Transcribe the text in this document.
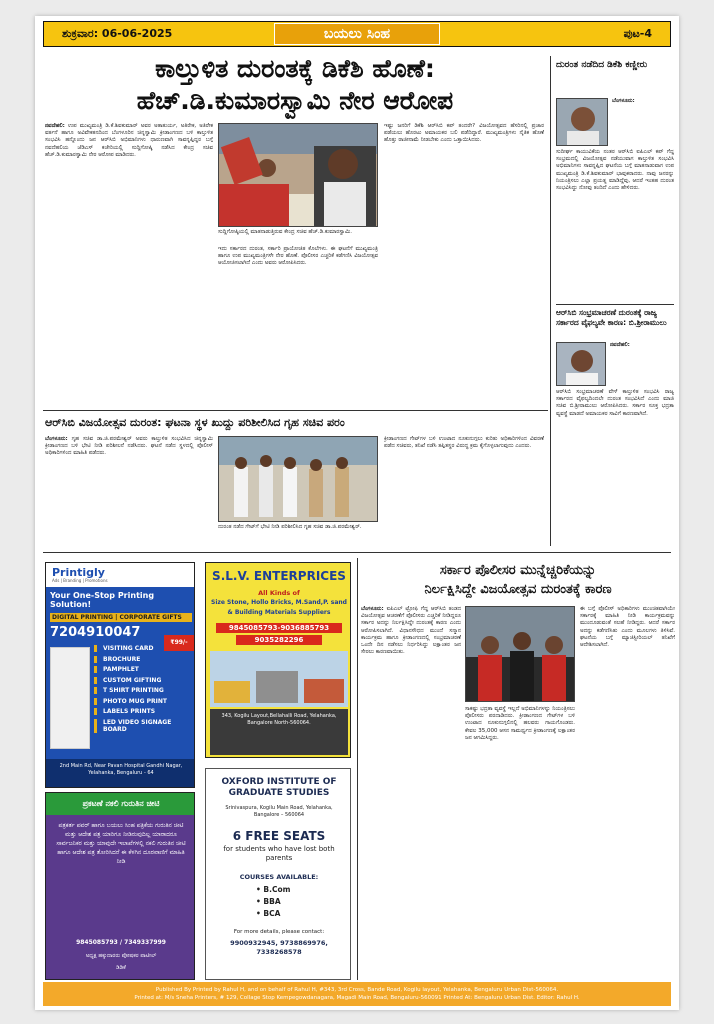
ಶುಕ್ರವಾರ: 06-06-2025	ಬಯಲು ಸಿಂಹ	ಪುಟ-4
ಕಾಲ್ತುಳಿತ ದುರಂತಕ್ಕೆ ಡಿಕೆಶಿ ಹೊಣೆ:
ಹೆಚ್.ಡಿ.ಕುಮಾರಸ್ವಾಮಿ ನೇರ ಆರೋಪ
ನವದೆಹಲಿ: ಉಪ ಮುಖ್ಯಮಂತ್ರಿ ಡಿ.ಕೆ.ಶಿವಕುಮಾರ್ ಅವರ ಅತಾತುರ್ಯ, ಅತಿರೇಕ, ಅತಿರೇಕ ವರ್ತನೆ ಹಾಗೂ ಅವಿವೇಕತನದಿಂದ ಬೆಂಗಳೂರಿನ ಚಿನ್ನಸ್ವಾಮಿ ಕ್ರೀಡಾಂಗಣದ ಬಳಿ ಕಾಲ್ತುಳಿತ ಸಂಭವಿಸಿ ಹನ್ನೊಂದು ಜನ ಆರ್‌ಸಿಬಿ ಅಭಿಮಾನಿಗಳು ಧಾರುಣವಾಗಿ ಸಾವನ್ನಪ್ಪಿದ್ದರ ಬಗ್ಗೆ ನವದೆಹಲಿಯ ಜೆಡಿಎಸ್ ಕಚೇರಿಯಲ್ಲಿ ಸುದ್ದಿಗೋಷ್ಠಿ ನಡೆಸಿದ ಕೇಂದ್ರ ಸಚಿವ ಹೆಚ್.ಡಿ.ಕುಮಾರಸ್ವಾಮಿ ನೇರ ಆರೋಪ ಮಾಡಿದರು.
ಸುದ್ದಿಗೋಷ್ಠಿಯಲ್ಲಿ ಮಾತನಾಡುತ್ತಿರುವ ಕೇಂದ್ರ ಸಚಿವ ಹೆಚ್.ಡಿ.ಕುಮಾರಸ್ವಾಮಿ.
ಇದು ಸರ್ಕಾರದ ದುರಂತ, ಸರ್ಕಾರಿ ಪ್ರಾಯೋಜಿತ ಕೊಲೆಗಳು. ಈ ಘಟನೆಗೆ ಮುಖ್ಯಮಂತ್ರಿ ಹಾಗೂ ಉಪ ಮುಖ್ಯಮಂತ್ರಿಗಳೇ ನೇರ ಹೊಣೆ. ಪೊಲೀಸರ ಎಚ್ಚರಿಕೆ ಕಡೆಗಣಿಸಿ ವಿಜಯೋತ್ಸವ ಆಯೋಜಿಸಲಾಗಿದೆ ಎಂದು ಅವರು ಆರೋಪಿಸಿದರು.
ಇಷ್ಟು ಜನರಿಗೆ ಡಿಕೆಶಿ ಆರ್‌ಸಿಬಿ ಕಪ್ ತಂದರೇ? ವಿಜಯೋತ್ಸವದ ಹೆಸರಿನಲ್ಲಿ ಪ್ರಚಾರ ಪಡೆಯಲು ಹೊರಟು ಅಮಾಯಕರ ಬಲಿ ಪಡೆದಿದ್ದಾರೆ. ಮುಖ್ಯಮಂತ್ರಿಗಳು ನೈತಿಕ ಹೊಣೆ ಹೊತ್ತು ರಾಜೀನಾಮೆ ನೀಡಬೇಕು ಎಂದು ಒತ್ತಾಯಿಸಿದರು.
ದುರಂತ ನಡೆದಿದ ಡಿಕೆಶಿ ಕಣ್ಣೀರು
ಬೆಂಗಳೂರು:
ಸುದೀರ್ಘ ಕಾಯುವಿಕೆಯ ನಂತರ ಆರ್‌ಸಿಬಿ ಐಪಿಎಲ್ ಕಪ್ ಗೆದ್ದ ಸಂಭ್ರಮದಲ್ಲಿ ವಿಜಯೋತ್ಸವ ನಡೆಯುವಾಗ ಕಾಲ್ತುಳಿತ ಸಂಭವಿಸಿ ಅಭಿಮಾನಿಗಳು ಸಾವನ್ನಪ್ಪಿದ ಘಟನೆಯ ಬಗ್ಗೆ ಮಾತನಾಡುವಾಗ ಉಪ ಮುಖ್ಯಮಂತ್ರಿ ಡಿ.ಕೆ.ಶಿವಕುಮಾರ್ ಭಾವುಕರಾದರು. ನಾವು ಜನರನ್ನು ನಿಯಂತ್ರಿಸಲು ಎಲ್ಲಾ ಪ್ರಯತ್ನ ಮಾಡಿದ್ದೆವು, ಆದರೆ ಇಂತಹ ದುರಂತ ಸಂಭವಿಸಿದ್ದು ನೋವು ತಂದಿದೆ ಎಂದು ಹೇಳಿದರು.
ಆರ್‌ಸಿಬಿ ಸಂಭ್ರಮಾಚರಣೆ ದುರಂತಕ್ಕೆ ರಾಜ್ಯ ಸರ್ಕಾರದ ವೈಫಲ್ಯವೇ ಕಾರಣ: ಬಿ.ಶ್ರೀರಾಮುಲು
ನವದೆಹಲಿ:
ಆರ್‌ಸಿಬಿ ಸಂಭ್ರಮಾಚರಣೆ ವೇಳೆ ಕಾಲ್ತುಳಿತ ಸಂಭವಿಸಿ ರಾಜ್ಯ ಸರ್ಕಾರದ ವೈಫಲ್ಯದಿಂದಲೇ ದುರಂತ ಸಂಭವಿಸಿದೆ ಎಂದು ಮಾಜಿ ಸಚಿವ ಬಿ.ಶ್ರೀರಾಮುಲು ಆರೋಪಿಸಿದರು. ಸರ್ಕಾರ ಸೂಕ್ತ ಭದ್ರತಾ ವ್ಯವಸ್ಥೆ ಮಾಡದೆ ಅಮಾಯಕರ ಸಾವಿಗೆ ಕಾರಣವಾಗಿದೆ.
ಆರ್‌ಸಿಬಿ ವಿಜಯೋತ್ಸವ ದುರಂತ: ಘಟನಾ ಸ್ಥಳ ಖುದ್ದು ಪರಿಶೀಲಿಸಿದ ಗೃಹ ಸಚಿವ ಪರಂ
ಬೆಂಗಳೂರು: ಗೃಹ ಸಚಿವ ಡಾ.ಜಿ.ಪರಮೇಶ್ವರ್ ಅವರು ಕಾಲ್ತುಳಿತ ಸಂಭವಿಸಿದ ಚಿನ್ನಸ್ವಾಮಿ ಕ್ರೀಡಾಂಗಣದ ಬಳಿ ಭೇಟಿ ನೀಡಿ ಪರಿಶೀಲನೆ ನಡೆಸಿದರು. ಘಟನೆ ನಡೆದ ಸ್ಥಳದಲ್ಲಿ ಪೊಲೀಸ್ ಅಧಿಕಾರಿಗಳಿಂದ ಮಾಹಿತಿ ಪಡೆದರು.
ದುರಂತ ನಡೆದ ಗೇಟ್‌ಗೆ ಭೇಟಿ ನೀಡಿ ಪರಿಶೀಲಿಸಿದ ಗೃಹ ಸಚಿವ ಡಾ.ಜಿ.ಪರಮೇಶ್ವರ್.
ಕ್ರೀಡಾಂಗಣದ ಗೇಟ್‌ಗಳ ಬಳಿ ಉಂಟಾದ ನೂಕುನುಗ್ಗಲು ಕುರಿತು ಅಧಿಕಾರಿಗಳಿಂದ ವಿವರಣೆ ಪಡೆದ ಸಚಿವರು, ತನಿಖೆ ನಡೆಸಿ ತಪ್ಪಿತಸ್ಥರ ವಿರುದ್ಧ ಕ್ರಮ ಕೈಗೊಳ್ಳಲಾಗುವುದು ಎಂದರು.
Printigly
Ads | Branding | Promotions
Your One-Stop Printing Solution!
DIGITAL PRINTING | CORPORATE GIFTS
7204910047
₹99/-
VISITING CARD
BROCHURE
PAMPHLET
CUSTOM GIFTING
T SHIRT PRINTING
PHOTO MUG PRINT
LABELS PRINTS
LED VIDEO SIGNAGE BOARD
2nd Main Rd, Near Pavan Hospital Gandhi Nagar, Yelahanka, Bengaluru - 64
S.L.V. ENTERPRICES
All Kinds of
Size Stone, Hollo Bricks, M.Sand,P. sand
& Building Materials Suppliers
9845085793-9036885793
9035282296
343, Kogilu Layout,Bellahalli Road, Yelahanka, Bangalore North-560064.
OXFORD INSTITUTE OF GRADUATE STUDIES
Srinivaspura, Kogilu Main Road, Yelahanka, Bangalore – 560064
6 FREE SEATS
for students who have lost both parents
COURSES AVAILABLE:
• B.Com
• BBA
• BCA
For more details, please contact:
9900932945, 9738869976, 7338268578
ಪ್ರಕಟಣೆ ನಕಲಿ ಗುರುತಿನ ಚೀಟಿ
ಪತ್ರಕರ್ತ ಪವರ್ ಹಾಗೂ ಬಯಲು ಸಿಂಹ ಪತ್ರಿಕೆಯ ಗುರುತಿನ ಚೀಟಿ ಮತ್ತು ಆದೇಶ ಪತ್ರ ಯಾರಿಗೂ ನೀಡಿರುವುದಿಲ್ಲ ಯಾರಾದರೂ ಸಾರ್ವಜನಿಕರ ಮತ್ತು ಯಾವುದೇ ಇಲಾಖೆಗಳಲ್ಲಿ ನಕಲಿ ಗುರುತಿನ ಚೀಟಿ ಹಾಗೂ ಆದೇಶ ಪತ್ರ ತೋರಿಸಿದರೆ ಈ ಕೆಳಗಿನ ದೂರವಾಣಿಗೆ ಮಾಹಿತಿ ನೀಡಿ
9845085793 / 7349337999
ಅಧ್ಯಕ್ಷ ಹಕ್ಕುದಾರರು ಪೋಷಕರ ಪಾಟೀಲ್
ಡಿಡಿಕೆ
ಸರ್ಕಾರ ಪೊಲೀಸರ ಮುನ್ನೆಚ್ಚರಿಕೆಯನ್ನು
ನಿರ್ಲಕ್ಷಿಸಿದ್ದೇ ವಿಜಯೋತ್ಸವ ದುರಂತಕ್ಕೆ ಕಾರಣ
ಬೆಂಗಳೂರು: ಐಪಿಎಲ್ ಟ್ರೋಫಿ ಗೆದ್ದ ಆರ್‌ಸಿಬಿ ತಂಡದ ವಿಜಯೋತ್ಸವ ಆಚರಣೆಗೆ ಪೊಲೀಸರು ಎಚ್ಚರಿಕೆ ನೀಡಿದ್ದರೂ ಸರ್ಕಾರ ಅದನ್ನು ನಿರ್ಲಕ್ಷಿಸಿದ್ದೇ ದುರಂತಕ್ಕೆ ಕಾರಣ ಎಂದು ಆರೋಪಿಸಲಾಗಿದೆ. ವಿಧಾನಸೌಧದ ಮುಂದೆ ಸನ್ಮಾನ ಕಾರ್ಯಕ್ರಮ ಹಾಗೂ ಕ್ರೀಡಾಂಗಣದಲ್ಲಿ ಸಂಭ್ರಮಾಚರಣೆ ಒಂದೇ ದಿನ ನಡೆಸಲು ನಿರ್ಧರಿಸಿದ್ದು ಲಕ್ಷಾಂತರ ಜನ ಸೇರಲು ಕಾರಣವಾಯಿತು.
ಸಾಕಷ್ಟು ಭದ್ರತಾ ವ್ಯವಸ್ಥೆ ಇಲ್ಲದೆ ಅಭಿಮಾನಿಗಳನ್ನು ನಿಯಂತ್ರಿಸಲು ಪೊಲೀಸರು ಪರದಾಡಿದರು. ಕ್ರೀಡಾಂಗಣದ ಗೇಟ್‌ಗಳ ಬಳಿ ಉಂಟಾದ ನೂಕುನುಗ್ಗಲಿನಲ್ಲಿ ಹಲವರು ಗಾಯಗೊಂಡರು. ಕೇವಲ 35,000 ಆಸನ ಸಾಮರ್ಥ್ಯದ ಕ್ರೀಡಾಂಗಣಕ್ಕೆ ಲಕ್ಷಾಂತರ ಜನ ಆಗಮಿಸಿದ್ದರು.
ಈ ಬಗ್ಗೆ ಪೊಲೀಸ್ ಅಧಿಕಾರಿಗಳು ಮುಂಚಿತವಾಗಿಯೇ ಸರ್ಕಾರಕ್ಕೆ ಮಾಹಿತಿ ನೀಡಿ ಕಾರ್ಯಕ್ರಮವನ್ನು ಮುಂದೂಡುವಂತೆ ಸಲಹೆ ನೀಡಿದ್ದರು. ಆದರೆ ಸರ್ಕಾರ ಅದನ್ನು ಕಡೆಗಣಿಸಿತು ಎಂದು ಮೂಲಗಳು ತಿಳಿಸಿವೆ. ಘಟನೆಯ ಬಗ್ಗೆ ಮ್ಯಾಜಿಸ್ಟೀರಿಯಲ್ ತನಿಖೆಗೆ ಆದೇಶಿಸಲಾಗಿದೆ.
Published By Printed by Rahul H, and on behalf of Rahul H, #343, 3rd Cross, Bande Road, Kogilu layout, Yelahanka, Bengaluru Urban Dist-560064.
Printed at: M/s Sneha Printers, # 129, Collage Stop Kempegowdanagara, Magadi Main Road, Bengaluru-560091 Printed At: Bengaluru Urban Dist. Editor: Rahul H.
